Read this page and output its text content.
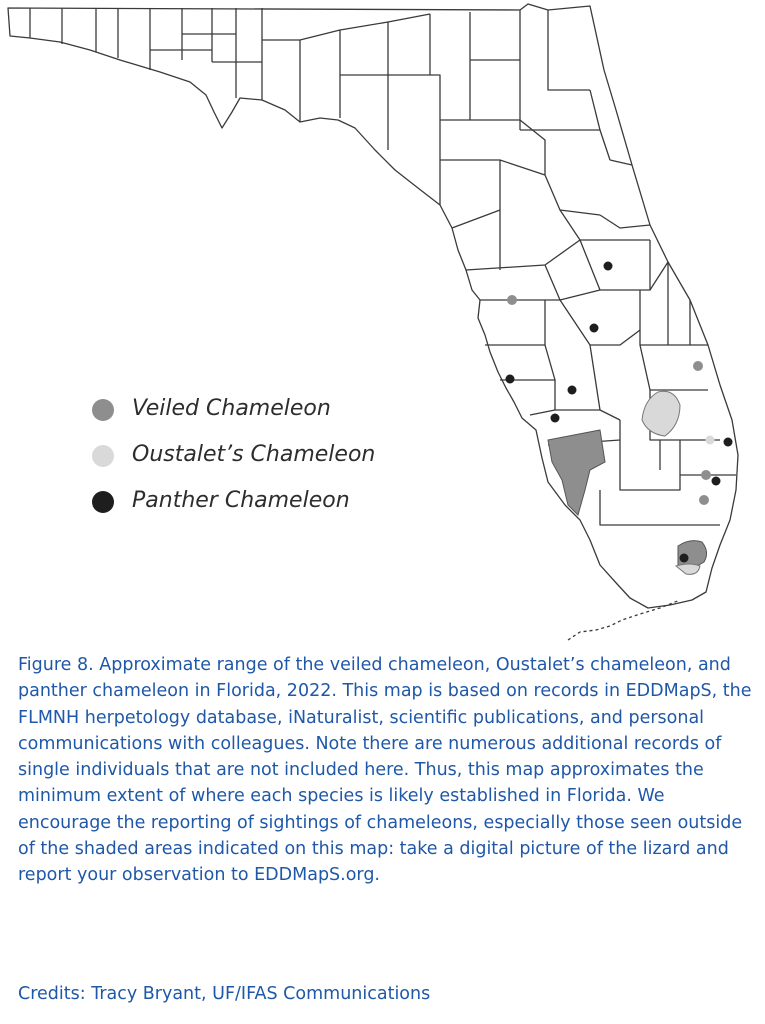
Veiled Chameleon
Oustalet’s Chameleon
Panther Chameleon

Figure 8. Approximate range of the veiled chameleon, Oustalet’s chameleon, and panther chameleon in Florida, 2022. This map is based on records in EDDMapS, the FLMNH herpetology database, iNaturalist, scientific publications, and personal communications with colleagues. Note there are numerous additional records of single individuals that are not included here. Thus, this map approximates the minimum extent of where each species is likely established in Florida. We encourage the reporting of sightings of chameleons, especially those seen outside of the shaded areas indicated on this map: take a digital picture of the lizard and report your observation to EDDMapS.org.

Credits: Tracy Bryant, UF/IFAS Communications
